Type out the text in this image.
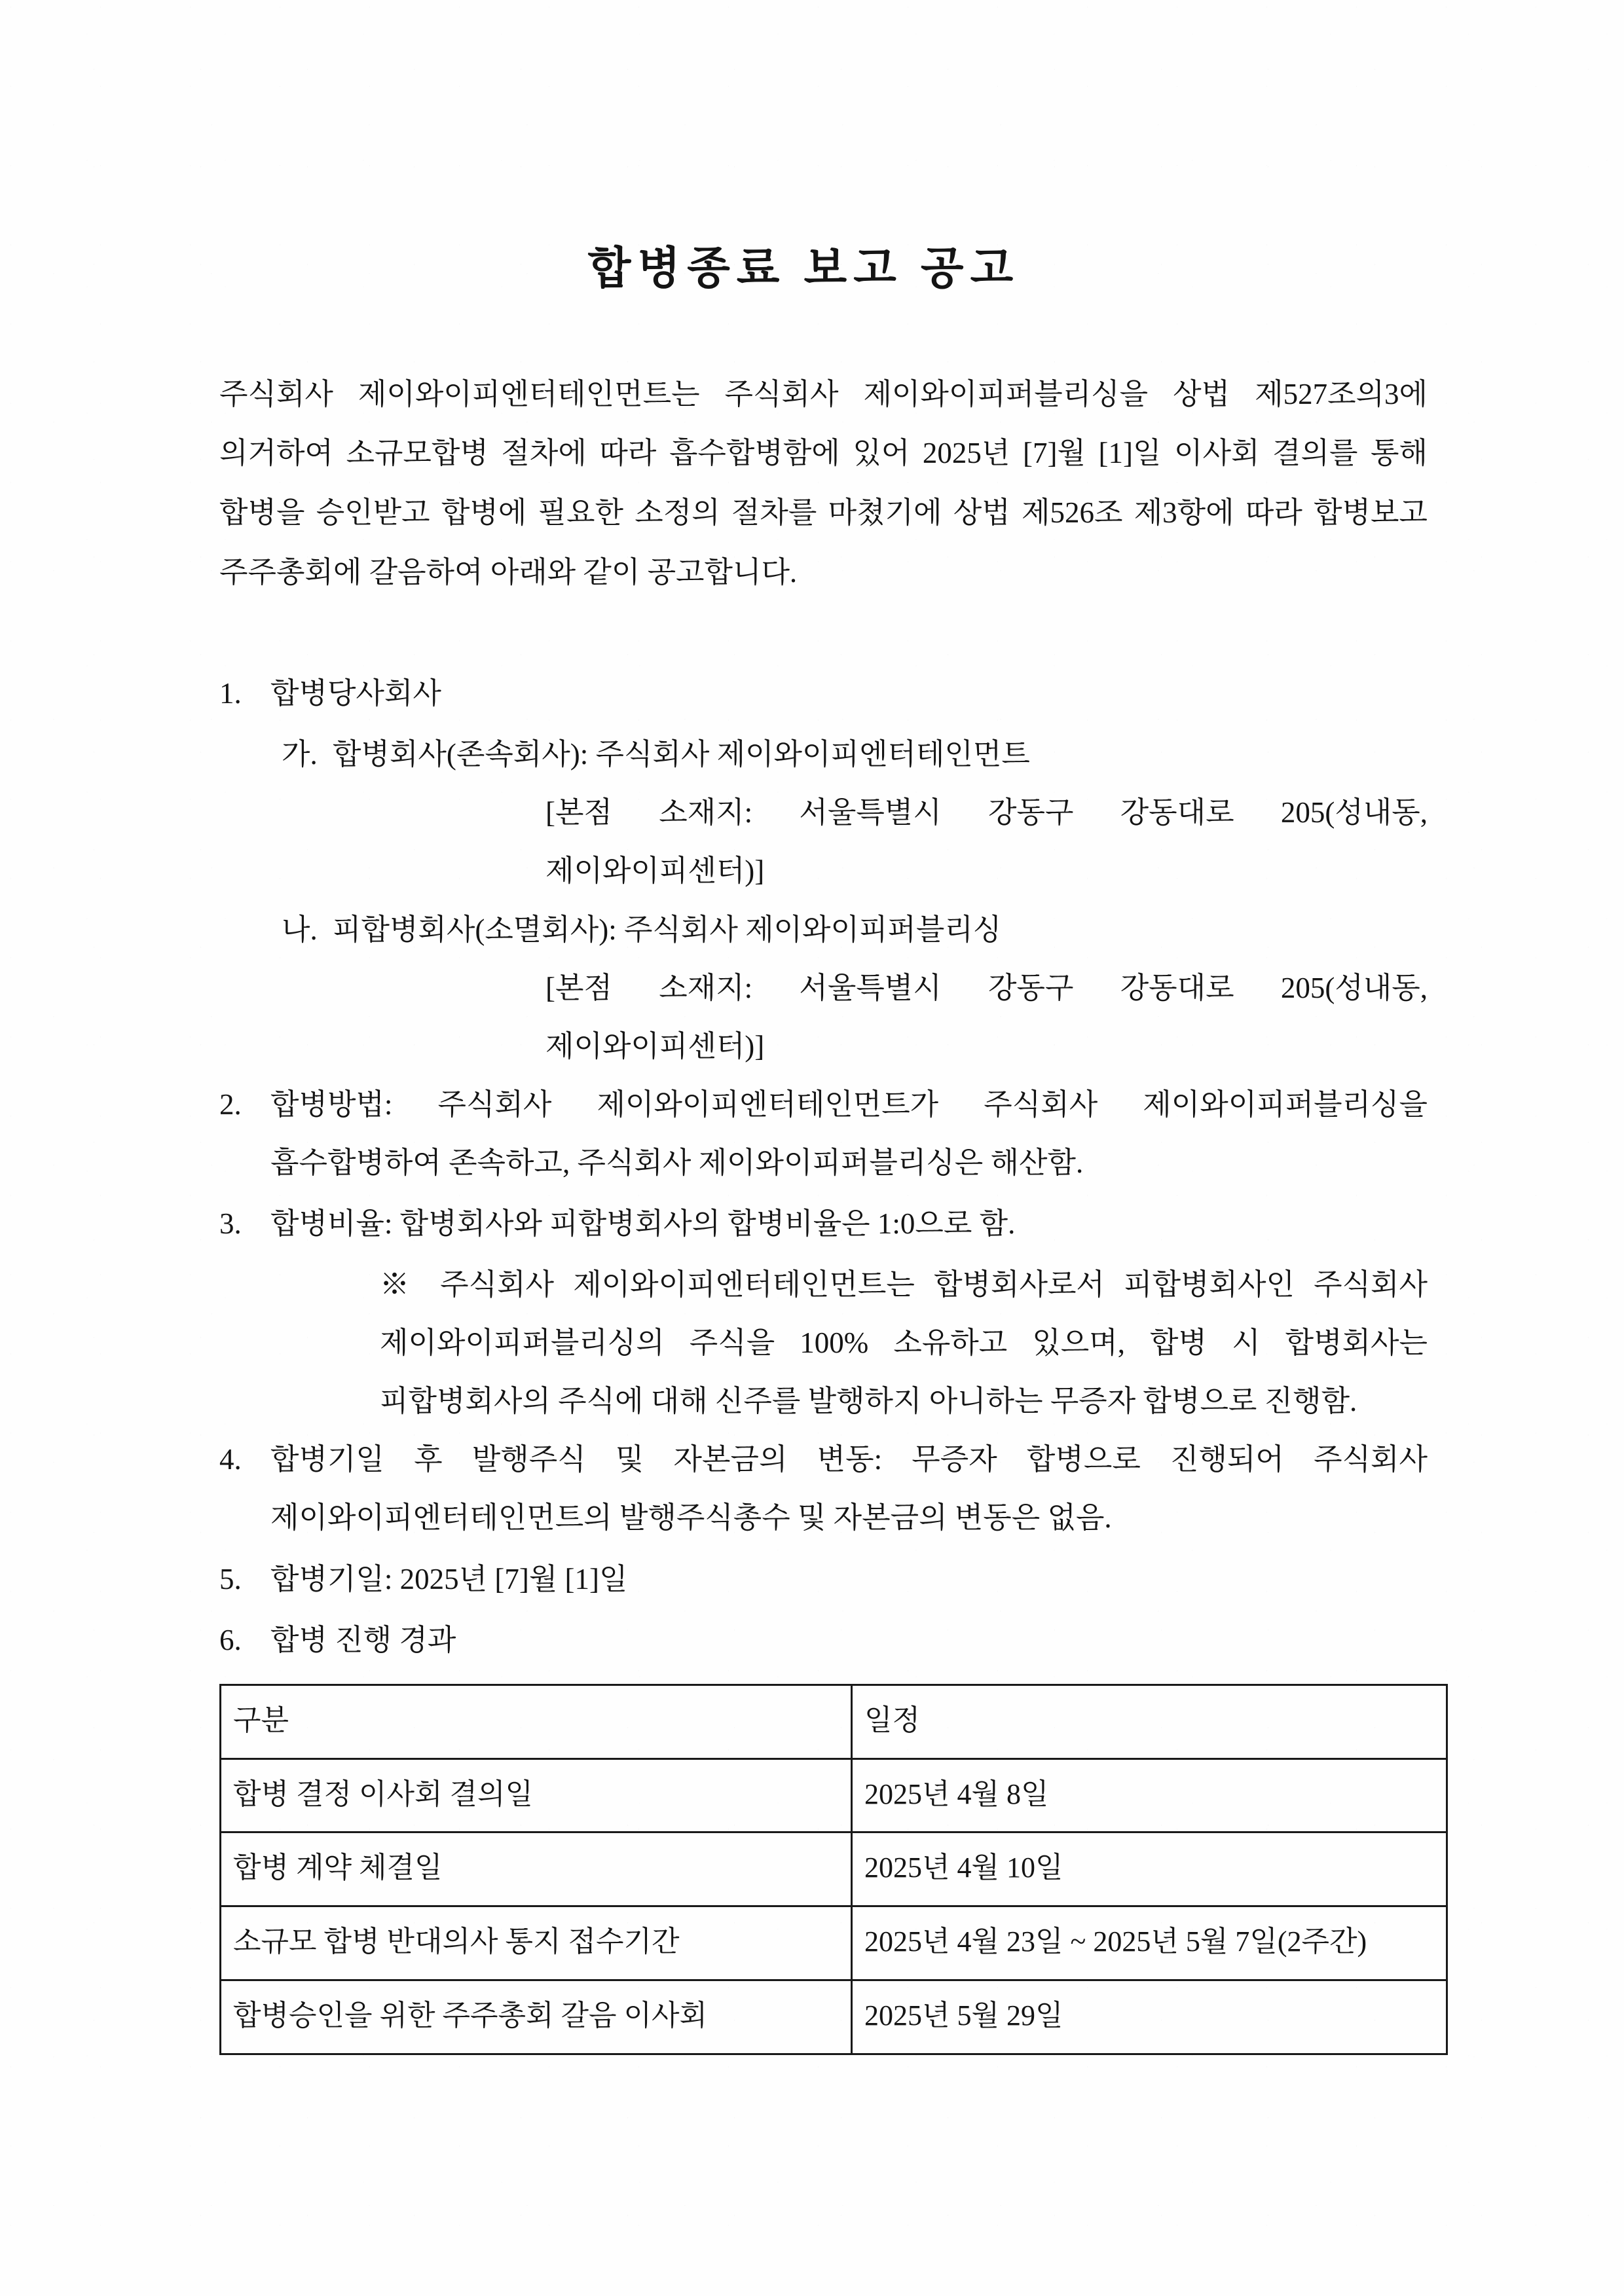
합병종료 보고 공고

주식회사 제이와이피엔터테인먼트는 주식회사 제이와이피퍼블리싱을 상법 제527조의3에 의거하여 소규모합병 절차에 따라 흡수합병함에 있어 2025년 [7]월 [1]일 이사회 결의를 통해 합병을 승인받고 합병에 필요한 소정의 절차를 마쳤기에 상법 제526조 제3항에 따라 합병보고 주주총회에 갈음하여 아래와 같이 공고합니다.

1. 합병당사회사
가. 합병회사(존속회사): 주식회사 제이와이피엔터테인먼트
[본점 소재지: 서울특별시 강동구 강동대로 205(성내동, 제이와이피센터)]
나. 피합병회사(소멸회사): 주식회사 제이와이피퍼블리싱
[본점 소재지: 서울특별시 강동구 강동대로 205(성내동, 제이와이피센터)]
2. 합병방법: 주식회사 제이와이피엔터테인먼트가 주식회사 제이와이피퍼블리싱을 흡수합병하여 존속하고, 주식회사 제이와이피퍼블리싱은 해산함.
3. 합병비율: 합병회사와 피합병회사의 합병비율은 1:0으로 함.
※ 주식회사 제이와이피엔터테인먼트는 합병회사로서 피합병회사인 주식회사 제이와이피퍼블리싱의 주식을 100% 소유하고 있으며, 합병 시 합병회사는 피합병회사의 주식에 대해 신주를 발행하지 아니하는 무증자 합병으로 진행함.
4. 합병기일 후 발행주식 및 자본금의 변동: 무증자 합병으로 진행되어 주식회사 제이와이피엔터테인먼트의 발행주식총수 및 자본금의 변동은 없음.
5. 합병기일: 2025년 [7]월 [1]일
6. 합병 진행 경과
구분	일정
합병 결정 이사회 결의일	2025년 4월 8일
합병 계약 체결일	2025년 4월 10일
소규모 합병 반대의사 통지 접수기간	2025년 4월 23일 ~ 2025년 5월 7일(2주간)
합병승인을 위한 주주총회 갈음 이사회	2025년 5월 29일
